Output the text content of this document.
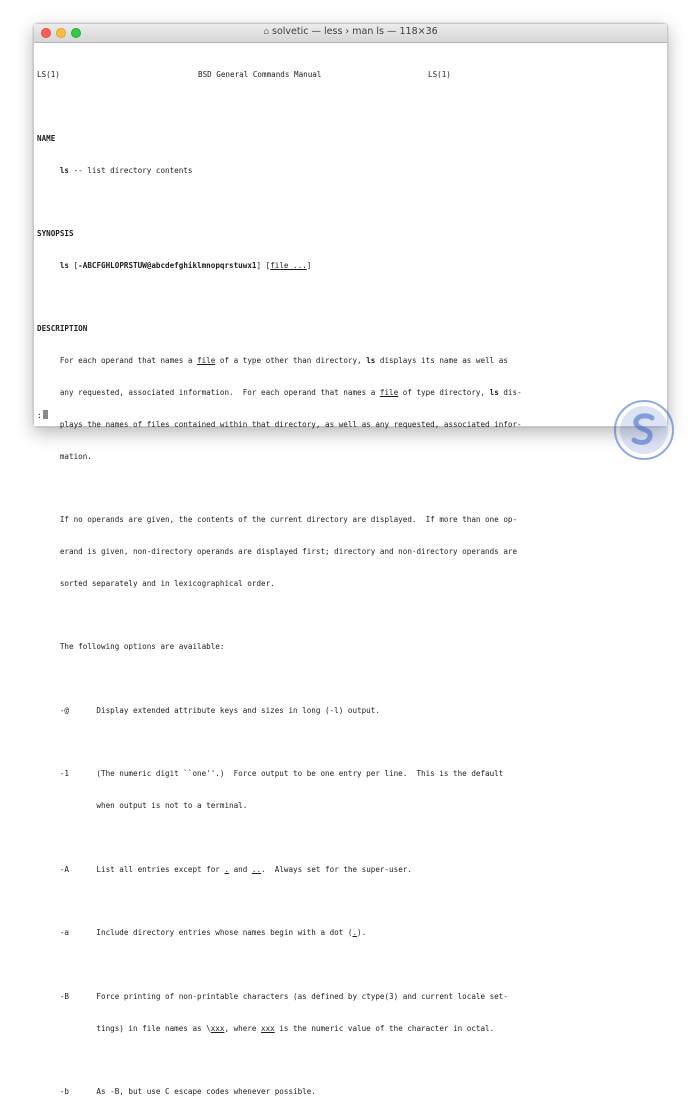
⌂ solvetic — less › man ls — 118×36

LS(1)	BSD General Commands Manual	LS(1)

NAME

ls -- list directory contents

SYNOPSIS

ls [-ABCFGHLOPRSTUW@abcdefghiklmnopqrstuwx1] [file ...]

DESCRIPTION

For each operand that names a file of a type other than directory, ls displays its name as well as

any requested, associated information.  For each operand that names a file of type directory, ls dis-

plays the names of files contained within that directory, as well as any requested, associated infor-

mation.

If no operands are given, the contents of the current directory are displayed.  If more than one op-

erand is given, non-directory operands are displayed first; directory and non-directory operands are

sorted separately and in lexicographical order.

The following options are available:

-@      Display extended attribute keys and sizes in long (-l) output.

-1      (The numeric digit ``one''.)  Force output to be one entry per line.  This is the default

when output is not to a terminal.

-A      List all entries except for . and ...  Always set for the super-user.

-a      Include directory entries whose names begin with a dot (.).

-B      Force printing of non-printable characters (as defined by ctype(3) and current locale set-

tings) in file names as \xxx, where xxx is the numeric value of the character in octal.

-b      As -B, but use C escape codes whenever possible.

:
